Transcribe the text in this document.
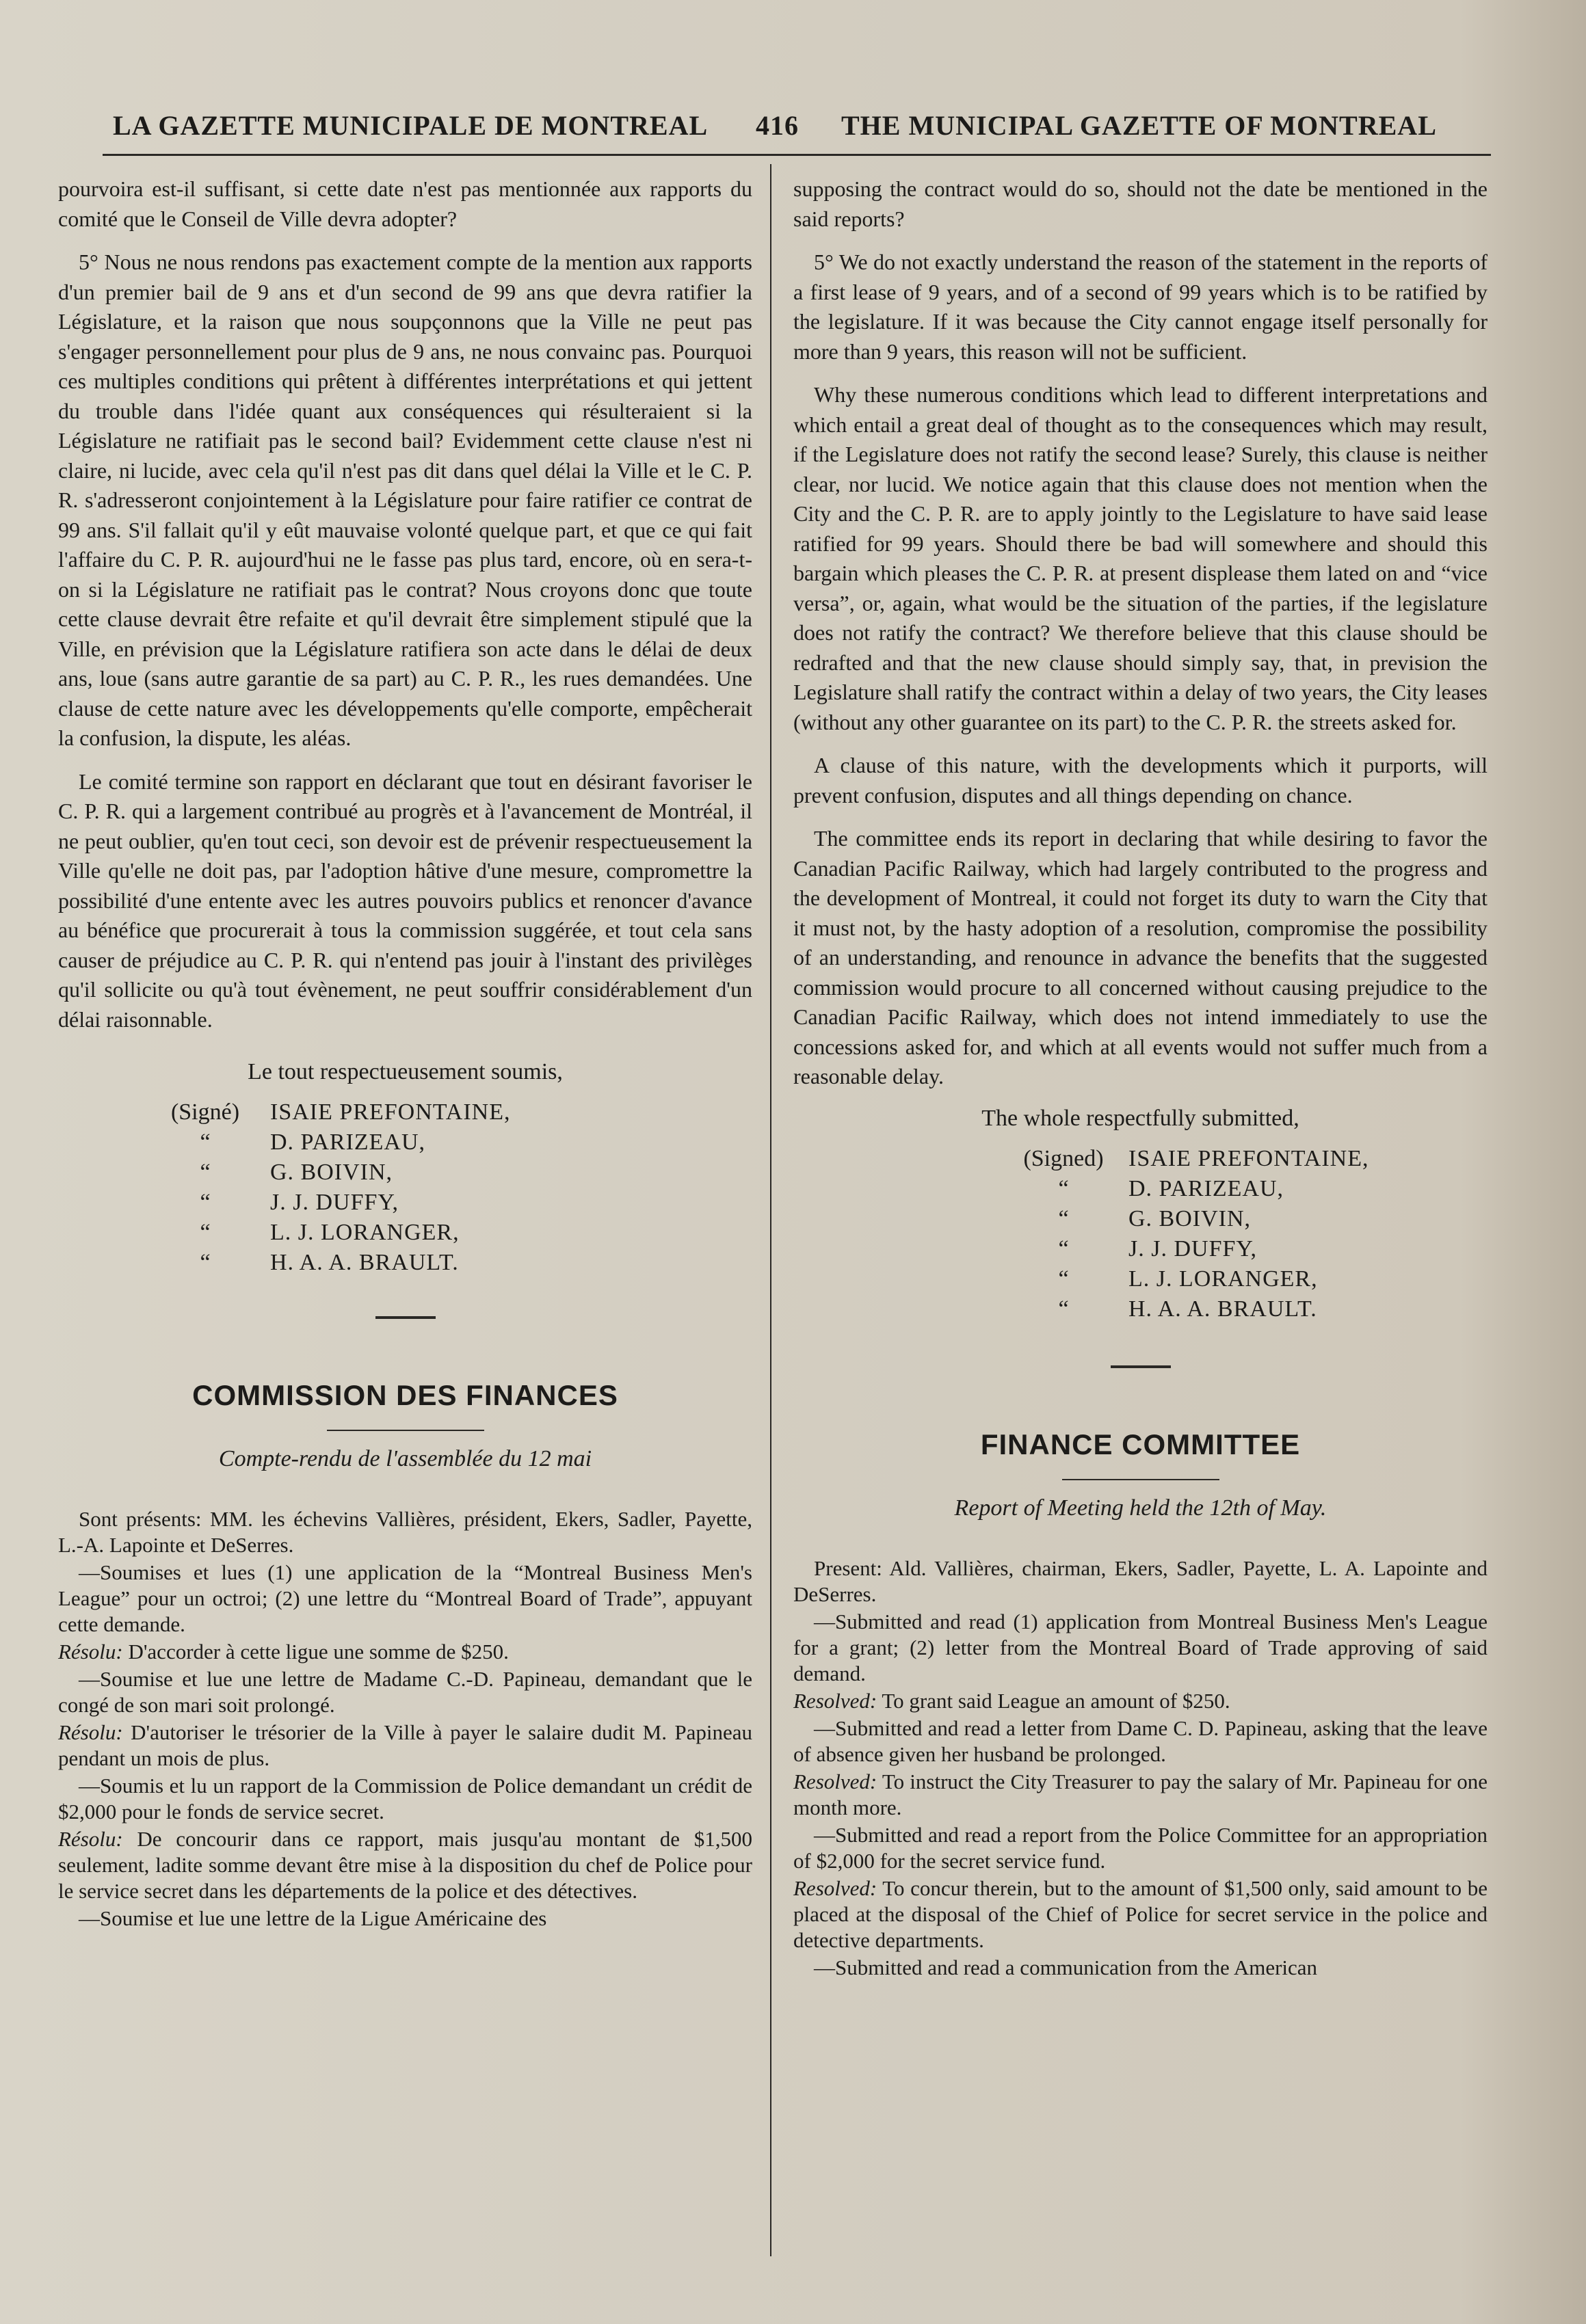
LA GAZETTE MUNICIPALE DE MONTREAL 416 THE MUNICIPAL GAZETTE OF MONTREAL

pourvoira est-il suffisant, si cette date n'est pas mentionnée aux rapports du comité que le Conseil de Ville devra adopter?

5° Nous ne nous rendons pas exactement compte de la mention aux rapports d'un premier bail de 9 ans et d'un second de 99 ans que devra ratifier la Législature, et la raison que nous soupçonnons que la Ville ne peut pas s'engager personnellement pour plus de 9 ans, ne nous convainc pas. Pourquoi ces multiples conditions qui prêtent à différentes interprétations et qui jettent du trouble dans l'idée quant aux conséquences qui résulteraient si la Législature ne ratifiait pas le second bail? Evidemment cette clause n'est ni claire, ni lucide, avec cela qu'il n'est pas dit dans quel délai la Ville et le C. P. R. s'adresseront conjointement à la Législature pour faire ratifier ce contrat de 99 ans. S'il fallait qu'il y eût mauvaise volonté quelque part, et que ce qui fait l'affaire du C. P. R. aujourd'hui ne le fasse pas plus tard, encore, où en sera-t-on si la Législature ne ratifiait pas le contrat? Nous croyons donc que toute cette clause devrait être refaite et qu'il devrait être simplement stipulé que la Ville, en prévision que la Législature ratifiera son acte dans le délai de deux ans, loue (sans autre garantie de sa part) au C. P. R., les rues demandées. Une clause de cette nature avec les développements qu'elle comporte, empêcherait la confusion, la dispute, les aléas.

Le comité termine son rapport en déclarant que tout en désirant favoriser le C. P. R. qui a largement contribué au progrès et à l'avancement de Montréal, il ne peut oublier, qu'en tout ceci, son devoir est de prévenir respectueusement la Ville qu'elle ne doit pas, par l'adoption hâtive d'une mesure, compromettre la possibilité d'une entente avec les autres pouvoirs publics et renoncer d'avance au bénéfice que procurerait à tous la commission suggérée, et tout cela sans causer de préjudice au C. P. R. qui n'entend pas jouir à l'instant des privilèges qu'il sollicite ou qu'à tout évènement, ne peut souffrir considérablement d'un délai raisonnable.

Le tout respectueusement soumis,
(Signé)	ISAIE PREFONTAINE,
“	D. PARIZEAU,
“	G. BOIVIN,
“	J. J. DUFFY,
“	L. J. LORANGER,
“	H. A. A. BRAULT.
COMMISSION DES FINANCES
Compte-rendu de l'assemblée du 12 mai

Sont présents: MM. les échevins Vallières, président, Ekers, Sadler, Payette, L.-A. Lapointe et DeSerres.

—Soumises et lues (1) une application de la “Montreal Business Men's League” pour un octroi; (2) une lettre du “Montreal Board of Trade”, appuyant cette demande.

Résolu: D'accorder à cette ligue une somme de $250.

—Soumise et lue une lettre de Madame C.-D. Papineau, demandant que le congé de son mari soit prolongé.

Résolu: D'autoriser le trésorier de la Ville à payer le salaire dudit M. Papineau pendant un mois de plus.

—Soumis et lu un rapport de la Commission de Police demandant un crédit de $2,000 pour le fonds de service secret.

Résolu: De concourir dans ce rapport, mais jusqu'au montant de $1,500 seulement, ladite somme devant être mise à la disposition du chef de Police pour le service secret dans les départements de la police et des détectives.

—Soumise et lue une lettre de la Ligue Américaine des

supposing the contract would do so, should not the date be mentioned in the said reports?

5° We do not exactly understand the reason of the statement in the reports of a first lease of 9 years, and of a second of 99 years which is to be ratified by the legislature. If it was because the City cannot engage itself personally for more than 9 years, this reason will not be sufficient.

Why these numerous conditions which lead to different interpretations and which entail a great deal of thought as to the consequences which may result, if the Legislature does not ratify the second lease? Surely, this clause is neither clear, nor lucid. We notice again that this clause does not mention when the City and the C. P. R. are to apply jointly to the Legislature to have said lease ratified for 99 years. Should there be bad will somewhere and should this bargain which pleases the C. P. R. at present displease them lated on and “vice versa”, or, again, what would be the situation of the parties, if the legislature does not ratify the contract? We therefore believe that this clause should be redrafted and that the new clause should simply say, that, in prevision the Legislature shall ratify the contract within a delay of two years, the City leases (without any other guarantee on its part) to the C. P. R. the streets asked for.

A clause of this nature, with the developments which it purports, will prevent confusion, disputes and all things depending on chance.

The committee ends its report in declaring that while desiring to favor the Canadian Pacific Railway, which had largely contributed to the progress and the development of Montreal, it could not forget its duty to warn the City that it must not, by the hasty adoption of a resolution, compromise the possibility of an understanding, and renounce in advance the benefits that the suggested commission would procure to all concerned without causing prejudice to the Canadian Pacific Railway, which does not intend immediately to use the concessions asked for, and which at all events would not suffer much from a reasonable delay.

The whole respectfully submitted,
(Signed)	ISAIE PREFONTAINE,
“	D. PARIZEAU,
“	G. BOIVIN,
“	J. J. DUFFY,
“	L. J. LORANGER,
“	H. A. A. BRAULT.
FINANCE COMMITTEE
Report of Meeting held the 12th of May.

Present: Ald. Vallières, chairman, Ekers, Sadler, Payette, L. A. Lapointe and DeSerres.

—Submitted and read (1) application from Montreal Business Men's League for a grant; (2) letter from the Montreal Board of Trade approving of said demand.

Resolved: To grant said League an amount of $250.

—Submitted and read a letter from Dame C. D. Papineau, asking that the leave of absence given her husband be prolonged.

Resolved: To instruct the City Treasurer to pay the salary of Mr. Papineau for one month more.

—Submitted and read a report from the Police Committee for an appropriation of $2,000 for the secret service fund.

Resolved: To concur therein, but to the amount of $1,500 only, said amount to be placed at the disposal of the Chief of Police for secret service in the police and detective departments.

—Submitted and read a communication from the American
